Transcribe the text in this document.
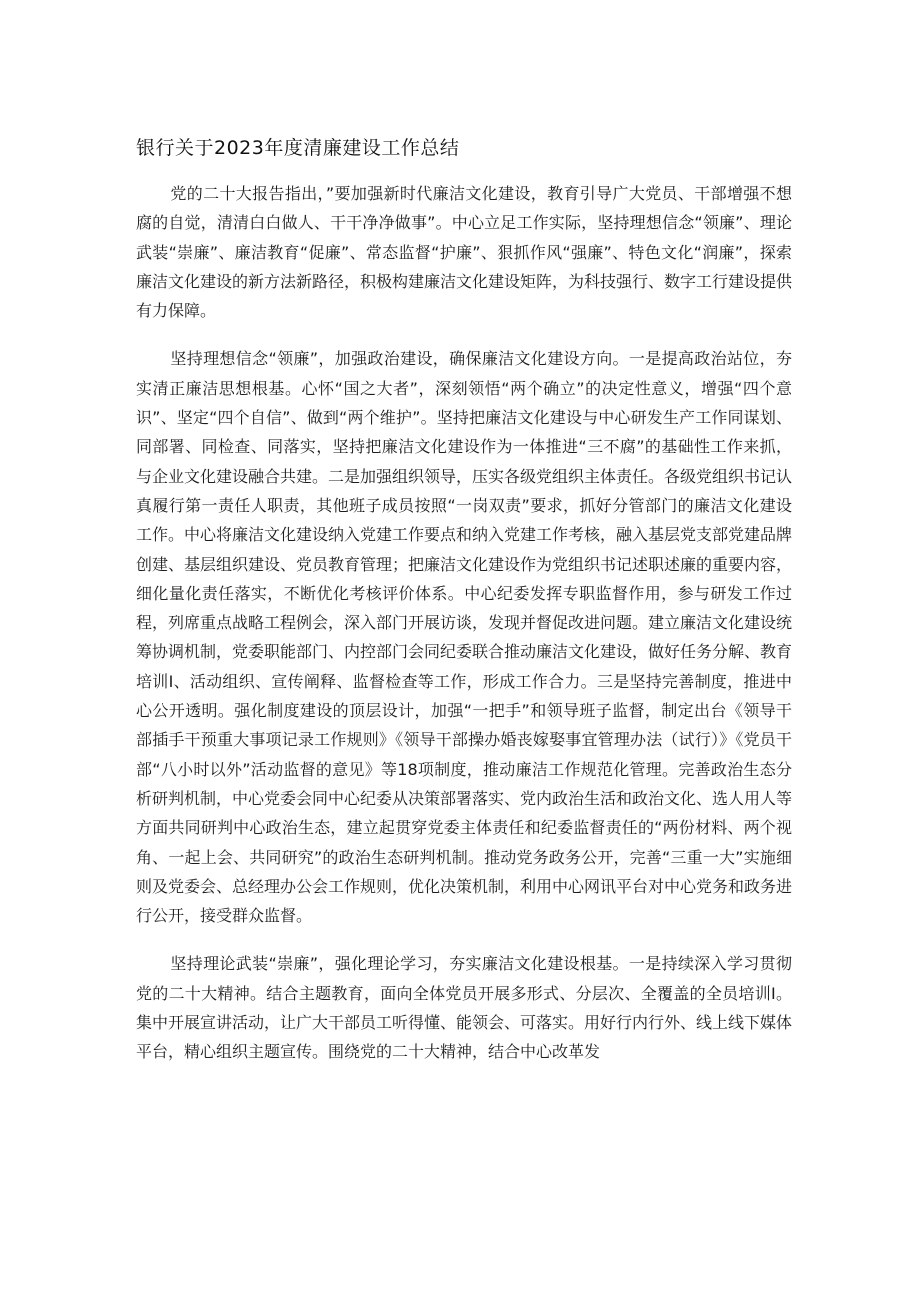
银行关于2023年度清廉建设工作总结

党的二十大报告指出，”要加强新时代廉洁文化建设，教育引导广大党员、干部增强不想腐的自觉，清清白白做人、干干净净做事”。中心立足工作实际，坚持理想信念“领廉”、理论武装“崇廉”、廉洁教育“促廉”、常态监督“护廉”、狠抓作风“强廉”、特色文化“润廉”，探索廉洁文化建设的新方法新路径，积极构建廉洁文化建设矩阵，为科技强行、数字工行建设提供有力保障。

坚持理想信念“领廉”，加强政治建设，确保廉洁文化建设方向。一是提高政治站位，夯实清正廉洁思想根基。心怀“国之大者”，深刻领悟“两个确立”的决定性意义，增强“四个意识”、坚定“四个自信”、做到“两个维护”。坚持把廉洁文化建设与中心研发生产工作同谋划、同部署、同检查、同落实，坚持把廉洁文化建设作为一体推进“三不腐”的基础性工作来抓，与企业文化建设融合共建。二是加强组织领导，压实各级党组织主体责任。各级党组织书记认真履行第一责任人职责，其他班子成员按照“一岗双责”要求，抓好分管部门的廉洁文化建设工作。中心将廉洁文化建设纳入党建工作要点和纳入党建工作考核，融入基层党支部党建品牌创建、基层组织建设、党员教育管理；把廉洁文化建设作为党组织书记述职述廉的重要内容，细化量化责任落实，不断优化考核评价体系。中心纪委发挥专职监督作用，参与研发工作过程，列席重点战略工程例会，深入部门开展访谈，发现并督促改进问题。建立廉洁文化建设统筹协调机制，党委职能部门、内控部门会同纪委联合推动廉洁文化建设，做好任务分解、教育培训I、活动组织、宣传阐释、监督检查等工作，形成工作合力。三是坚持完善制度，推进中心公开透明。强化制度建设的顶层设计，加强“一把手”和领导班子监督，制定出台《领导干部插手干预重大事项记录工作规则》《领导干部操办婚丧嫁娶事宜管理办法（试行）》《党员干部“八小时以外”活动监督的意见》等18项制度，推动廉洁工作规范化管理。完善政治生态分析研判机制，中心党委会同中心纪委从决策部署落实、党内政治生活和政治文化、选人用人等方面共同研判中心政治生态，建立起贯穿党委主体责任和纪委监督责任的“两份材料、两个视角、一起上会、共同研究”的政治生态研判机制。推动党务政务公开，完善“三重一大”实施细则及党委会、总经理办公会工作规则，优化决策机制，利用中心网讯平台对中心党务和政务进行公开，接受群众监督。

坚持理论武装“崇廉”，强化理论学习，夯实廉洁文化建设根基。一是持续深入学习贯彻党的二十大精神。结合主题教育，面向全体党员开展多形式、分层次、全覆盖的全员培训I。集中开展宣讲活动，让广大干部员工听得懂、能领会、可落实。用好行内行外、线上线下媒体平台，精心组织主题宣传。围绕党的二十大精神，结合中心改革发
